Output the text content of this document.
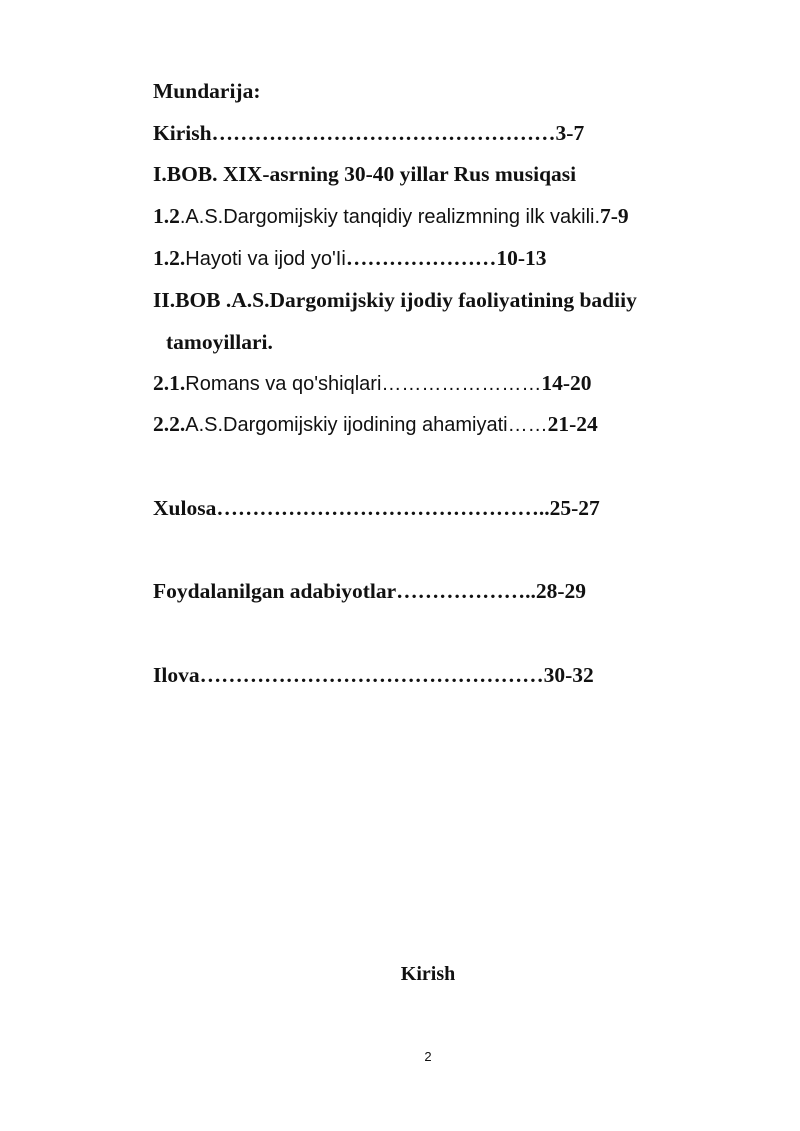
Mundarija:
Kirish…………………………………………3-7
I.BOB. XIX-asrning 30-40 yillar Rus musiqasi
1.2.A.S.Dargomijskiy tanqidiy realizmning ilk vakili.7-9
1.2.Hayoti va ijod yo'Ii…………………10-13
II.BOB .A.S.Dargomijskiy ijodiy faoliyatining badiiy
tamoyillari.
2.1.Romans va qo'shiqlari……………………14-20
2.2.A.S.Dargomijskiy ijodining ahamiyati……21-24
Xulosa………………………………………..25-27
Foydalanilgan adabiyotlar………………..28-29
Ilova…………………………………………30-32
Kirish
2
